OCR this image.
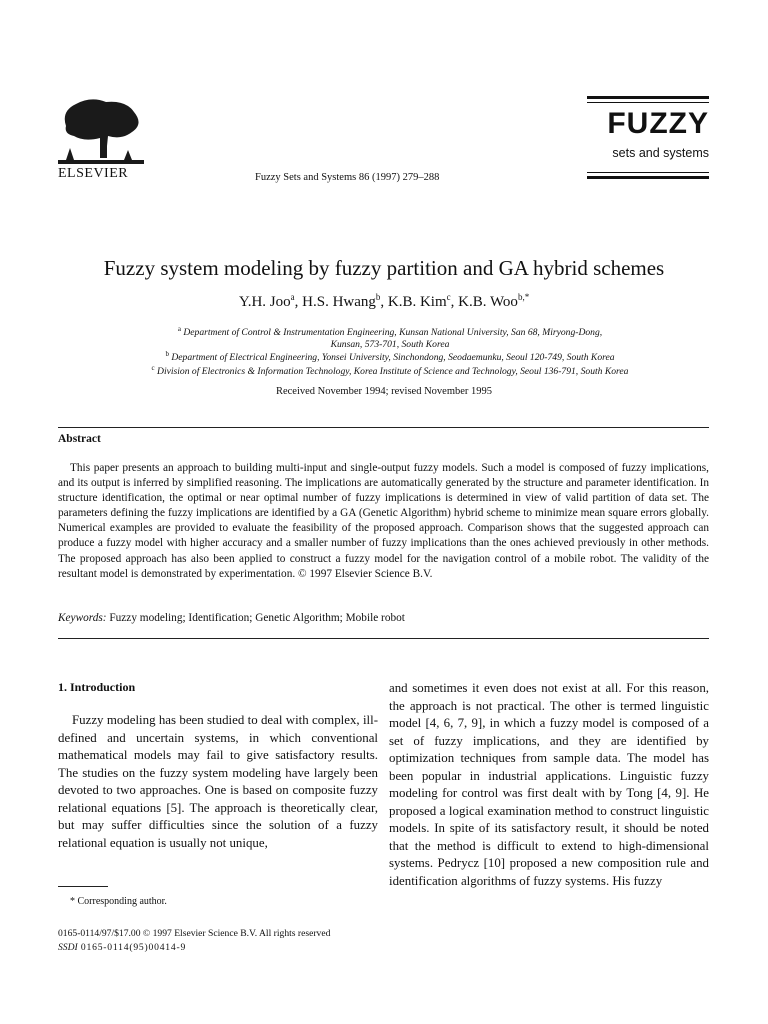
ELSEVIER	Fuzzy Sets and Systems 86 (1997) 279–288
FUZZY
sets and systems
Fuzzy system modeling by fuzzy partition and GA hybrid schemes
Y.H. Joo$^a$, H.S. Hwang$^b$, K.B. Kim$^c$, K.B. Woo$^{b,*}$
$^a$ Department of Control & Instrumentation Engineering, Kunsan National University, San 68, Miryong-Dong,
Kunsan, 573-701, South Korea
$^b$ Department of Electrical Engineering, Yonsei University, Sinchondong, Seodaemunku, Seoul 120-749, South Korea
$^c$ Division of Electronics & Information Technology, Korea Institute of Science and Technology, Seoul 136-791, South Korea
Received November 1994; revised November 1995
Abstract
This paper presents an approach to building multi-input and single-output fuzzy models. Such a model is composed of fuzzy implications, and its output is inferred by simplified reasoning. The implications are automatically generated by the structure and parameter identification. In structure identification, the optimal or near optimal number of fuzzy implications is determined in view of valid partition of data set. The parameters defining the fuzzy implications are identified by a GA (Genetic Algorithm) hybrid scheme to minimize mean square errors globally. Numerical examples are provided to evaluate the feasibility of the proposed approach. Comparison shows that the suggested approach can produce a fuzzy model with higher accuracy and a smaller number of fuzzy implications than the ones achieved previously in other methods. The proposed approach has also been applied to construct a fuzzy model for the navigation control of a mobile robot. The validity of the resultant model is demonstrated by experimentation. © 1997 Elsevier Science B.V.
Keywords: Fuzzy modeling; Identification; Genetic Algorithm; Mobile robot
1. Introduction
Fuzzy modeling has been studied to deal with complex, ill-defined and uncertain systems, in which conventional mathematical models may fail to give satisfactory results. The studies on the fuzzy system modeling have largely been devoted to two approaches. One is based on composite fuzzy relational equations [5]. The approach is theoretically clear, but may suffer difficulties since the solution of a fuzzy relational equation is usually not unique,
and sometimes it even does not exist at all. For this reason, the approach is not practical. The other is termed linguistic model [4, 6, 7, 9], in which a fuzzy model is composed of a set of fuzzy implications, and they are identified by optimization techniques from sample data. The model has been popular in industrial applications. Linguistic fuzzy modeling for control was first dealt with by Tong [4, 9]. He proposed a logical examination method to construct linguistic models. In spite of its satisfactory result, it should be noted that the method is difficult to extend to high-dimensional systems. Pedrycz [10] proposed a new composition rule and identification algorithms of fuzzy systems. His fuzzy
* Corresponding author.
0165-0114/97/$17.00 © 1997 Elsevier Science B.V. All rights reserved
SSDI 0165-0114(95)00414-9
